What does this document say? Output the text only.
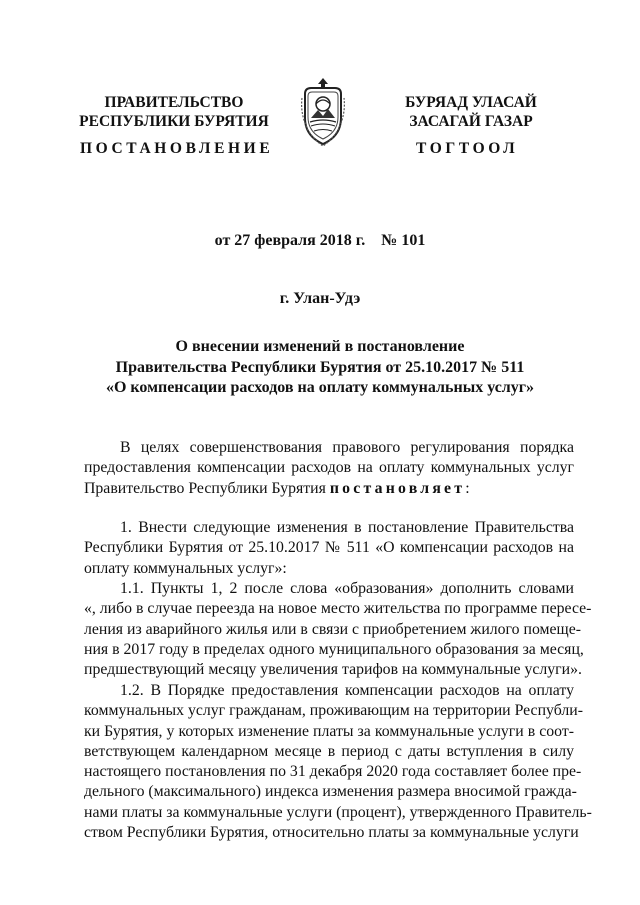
ПРАВИТЕЛЬСТВО
РЕСПУБЛИКИ БУРЯТИЯ
ПОСТАНОВЛЕНИЕ
БУРЯАД УЛАСАЙ
ЗАСАГАЙ ГАЗАР
ТОГТООЛ
от 27 февраля 2018 г.    № 101
г. Улан-Удэ
О внесении изменений в постановление
Правительства Республики Бурятия от 25.10.2017 № 511
«О компенсации расходов на оплату коммунальных услуг»
В целях совершенствования правового регулирования порядка
предоставления компенсации расходов на оплату коммунальных услуг
Правительство Республики Бурятия постановляет:
1. Внести следующие изменения в постановление Правительства
Республики Бурятия от 25.10.2017 № 511 «О компенсации расходов на
оплату коммунальных услуг»:
1.1. Пункты 1, 2 после слова «образования» дополнить словами
«, либо в случае переезда на новое место жительства по программе пересе-
ления из аварийного жилья или в связи с приобретением жилого помеще-
ния в 2017 году в пределах одного муниципального образования за месяц,
предшествующий месяцу увеличения тарифов на коммунальные услуги».
1.2. В Порядке предоставления компенсации расходов на оплату
коммунальных услуг гражданам, проживающим на территории Республи-
ки Бурятия, у которых изменение платы за коммунальные услуги в соот-
ветствующем календарном месяце в период с даты вступления в силу
настоящего постановления по 31 декабря 2020 года составляет более пре-
дельного (максимального) индекса изменения размера вносимой гражда-
нами платы за коммунальные услуги (процент), утвержденного Правитель-
ством Республики Бурятия, относительно платы за коммунальные услуги
